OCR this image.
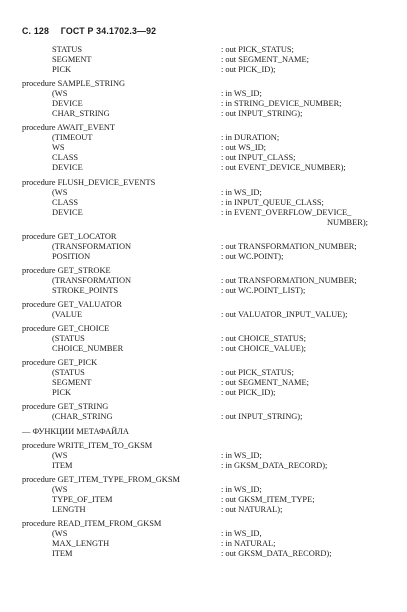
С. 128 ГОСТ Р 34.1702.3—92
STATUS	: out PICK_STATUS;
SEGMENT	: out SEGMENT_NAME;
PICK	: out PICK_ID);
procedure SAMPLE_STRING
(WS	: in WS_ID;
DEVICE	: in STRING_DEVICE_NUMBER;
CHAR_STRING	: out INPUT_STRING);
procedure AWAIT_EVENT
(TIMEOUT	: in DURATION;
WS	: out WS_ID;
CLASS	: out INPUT_CLASS;
DEVICE	: out EVENT_DEVICE_NUMBER);
procedure FLUSH_DEVICE_EVENTS
(WS	: in WS_ID;
CLASS	: in INPUT_QUEUE_CLASS;
DEVICE	: in EVENT_OVERFLOW_DEVICE_
NUMBER);
procedure GET_LOCATOR
(TRANSFORMATION	: out TRANSFORMATION_NUMBER;
POSITION	: out WC.POINT);
procedure GET_STROKE
(TRANSFORMATION	: out TRANSFORMATION_NUMBER;
STROKE_POINTS	: out WC.POINT_LIST);
procedure GET_VALUATOR
(VALUE	: out VALUATOR_INPUT_VALUE);
procedure GET_CHOICE
(STATUS	: out CHOICE_STATUS;
CHOICE_NUMBER	: out CHOICE_VALUE);
procedure GET_PICK
(STATUS	: out PICK_STATUS;
SEGMENT	: out SEGMENT_NAME;
PICK	: out PICK_ID);
procedure GET_STRING
(CHAR_STRING	: out INPUT_STRING);
— ФУНКЦИИ МЕТАФАЙЛА
procedure WRITE_ITEM_TO_GKSM
(WS	: in WS_ID;
ITEM	: in GKSM_DATA_RECORD);
procedure GET_ITEM_TYPE_FROM_GKSM
(WS	: in WS_ID;
TYPE_OF_ITEM	: out GKSM_ITEM_TYPE;
LENGTH	: out NATURAL);
procedure READ_ITEM_FROM_GKSM
(WS	: in WS_ID,
MAX_LENGTH	: in NATURAL;
ITEM	: out GKSM_DATA_RECORD);
